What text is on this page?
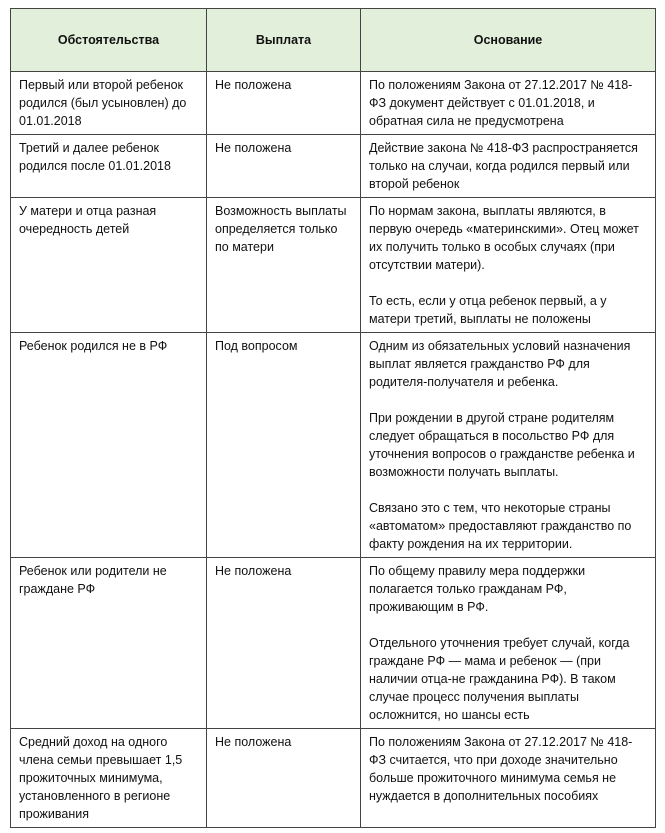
Обстоятельства	Выплата	Основание
Первый или второй ребенок родился (был усыновлен) до 01.01.2018	Не положена	По положениям Закона от 27.12.2017 № 418-ФЗ документ действует с 01.01.2018, и обратная сила не предусмотрена

Третий и далее ребенок родился после 01.01.2018	Не положена	Действие закона № 418-ФЗ распространяется только на случаи, когда родился первый или второй ребенок

У матери и отца разная очередность детей	Возможность выплаты определяется только по матери	По нормам закона, выплаты являются, в первую очередь «материнскими». Отец может их получить только в особых случаях (при отсутствии матери).

То есть, если у отца ребенок первый, а у матери третий, выплаты не положены

Ребенок родился не в РФ	Под вопросом	Одним из обязательных условий назначения выплат является гражданство РФ для родителя-получателя и ребенка.

При рождении в другой стране родителям следует обращаться в посольство РФ для уточнения вопросов о гражданстве ребенка и возможности получать выплаты.

Связано это с тем, что некоторые страны «автоматом» предоставляют гражданство по факту рождения на их территории.

Ребенок или родители не граждане РФ	Не положена	По общему правилу мера поддержки полагается только гражданам РФ, проживающим в РФ.

Отдельного уточнения требует случай, когда граждане РФ — мама и ребенок — (при наличии отца-не гражданина РФ). В таком случае процесс получения выплаты осложнится, но шансы есть

Средний доход на одного члена семьи превышает 1,5 прожиточных минимума, установленного в регионе проживания	Не положена	По положениям Закона от 27.12.2017 № 418-ФЗ считается, что при доходе значительно больше прожиточного минимума семья не нуждается в дополнительных пособиях
